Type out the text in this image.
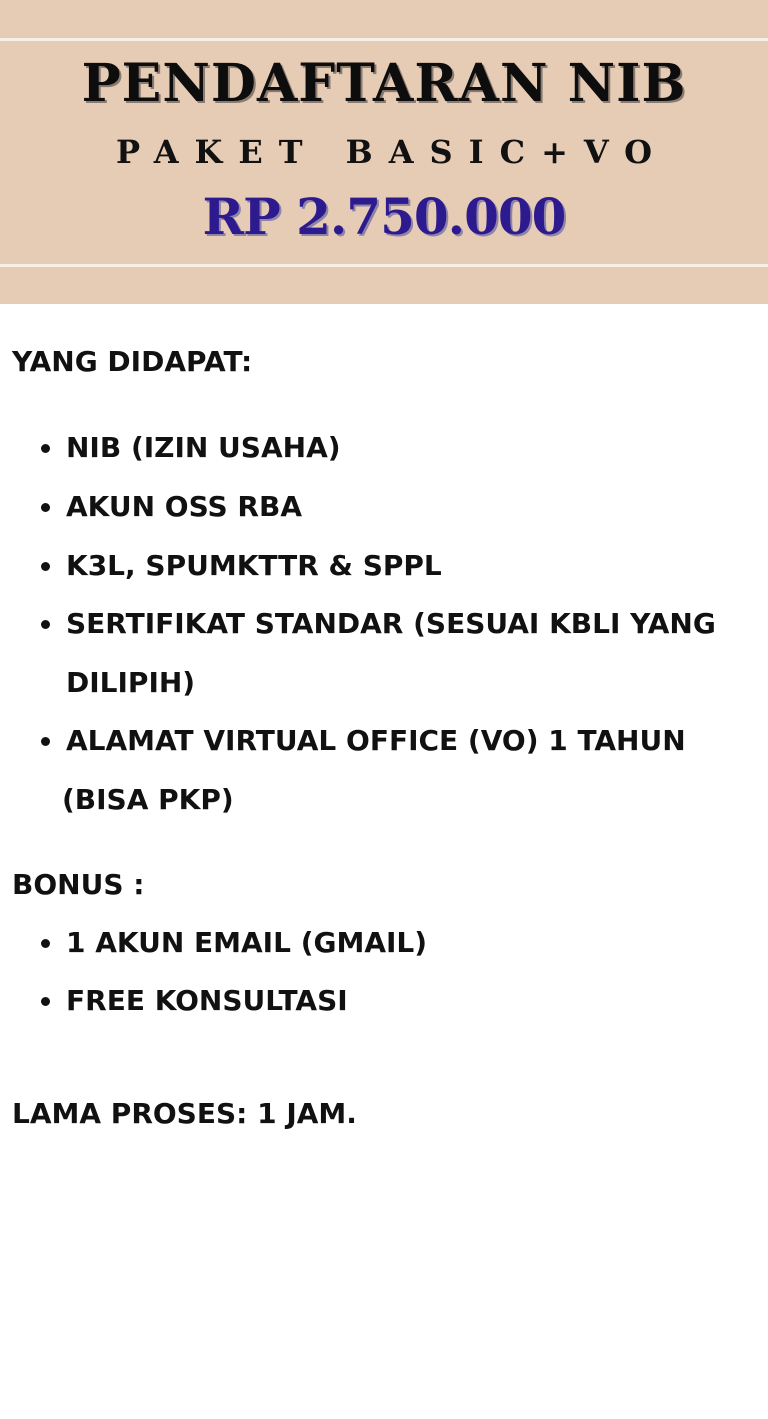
PENDAFTARAN NIB
PAKET BASIC+VO
RP 2.750.000
YANG DIDAPAT:
NIB (IZIN USAHA)
AKUN OSS RBA
K3L, SPUMKTTR & SPPL
SERTIFIKAT STANDAR (SESUAI KBLI YANG
DILIPIH)
ALAMAT VIRTUAL OFFICE (VO) 1 TAHUN
(BISA PKP)
BONUS :
1 AKUN EMAIL (GMAIL)
FREE KONSULTASI
LAMA PROSES: 1 JAM.
